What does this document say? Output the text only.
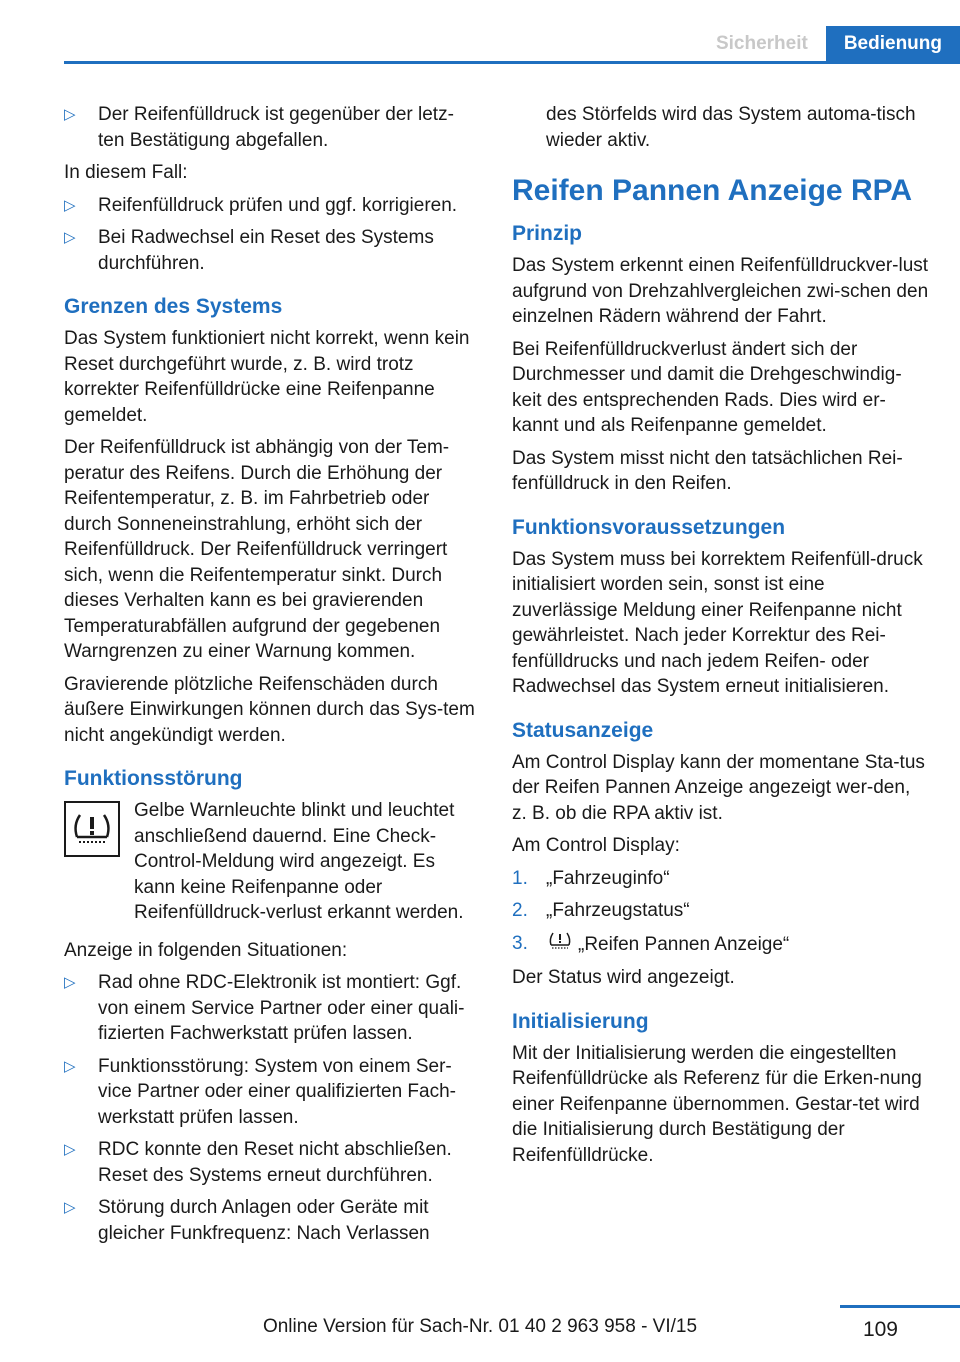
Sicherheit	Bedienung
▷ Der Reifenfülldruck ist gegenüber der letz‐ten Bestätigung abgefallen.

In diesem Fall:

▷ Reifenfülldruck prüfen und ggf. korrigieren.
▷ Bei Radwechsel ein Reset des Systems durchführen.
Grenzen des Systems

Das System funktioniert nicht korrekt, wenn kein Reset durchgeführt wurde, z. B. wird trotz korrekter Reifenfülldrücke eine Reifenpanne gemeldet.

Der Reifenfülldruck ist abhängig von der Tem‐peratur des Reifens. Durch die Erhöhung der Reifentemperatur, z. B. im Fahrbetrieb oder durch Sonneneinstrahlung, erhöht sich der Reifenfülldruck. Der Reifenfülldruck verringert sich, wenn die Reifentemperatur sinkt. Durch dieses Verhalten kann es bei gravierenden Temperaturabfällen aufgrund der gegebenen Warngrenzen zu einer Warnung kommen.

Gravierende plötzliche Reifenschäden durch äußere Einwirkungen können durch das Sys‐tem nicht angekündigt werden.

Funktionsstörung

Gelbe Warnleuchte blinkt und leuchtet anschließend dauernd. Eine Check-Control-Meldung wird angezeigt. Es kann keine Reifenpanne oder Reifenfülldruck‐verlust erkannt werden.

Anzeige in folgenden Situationen:

▷ Rad ohne RDC-Elektronik ist montiert: Ggf. von einem Service Partner oder einer quali‐fizierten Fachwerkstatt prüfen lassen.
▷ Funktionsstörung: System von einem Ser‐vice Partner oder einer qualifizierten Fach‐werkstatt prüfen lassen.
▷ RDC konnte den Reset nicht abschließen. Reset des Systems erneut durchführen.
▷ Störung durch Anlagen oder Geräte mit gleicher Funkfrequenz: Nach Verlassen

des Störfelds wird das System automa‐tisch wieder aktiv.

Reifen Pannen Anzeige RPA
Prinzip

Das System erkennt einen Reifenfülldruckver‐lust aufgrund von Drehzahlvergleichen zwi‐schen den einzelnen Rädern während der Fahrt.

Bei Reifenfülldruckverlust ändert sich der Durchmesser und damit die Drehgeschwindig‐keit des entsprechenden Rads. Dies wird er‐kannt und als Reifenpanne gemeldet.

Das System misst nicht den tatsächlichen Rei‐fenfülldruck in den Reifen.

Funktionsvoraussetzungen

Das System muss bei korrektem Reifenfüll‐druck initialisiert worden sein, sonst ist eine zuverlässige Meldung einer Reifenpanne nicht gewährleistet. Nach jeder Korrektur des Rei‐fenfülldrucks und nach jedem Reifen- oder Radwechsel das System erneut initialisieren.

Statusanzeige

Am Control Display kann der momentane Sta‐tus der Reifen Pannen Anzeige angezeigt wer‐den, z. B. ob die RPA aktiv ist.

Am Control Display:

1. „Fahrzeuginfo“
2. „Fahrzeugstatus“
3.	„Reifen Pannen Anzeige“

Der Status wird angezeigt.

Initialisierung

Mit der Initialisierung werden die eingestellten Reifenfülldrücke als Referenz für die Erken‐nung einer Reifenpanne übernommen. Gestar‐tet wird die Initialisierung durch Bestätigung der Reifenfülldrücke.

109
Online Version für Sach-Nr. 01 40 2 963 958 - VI/15
